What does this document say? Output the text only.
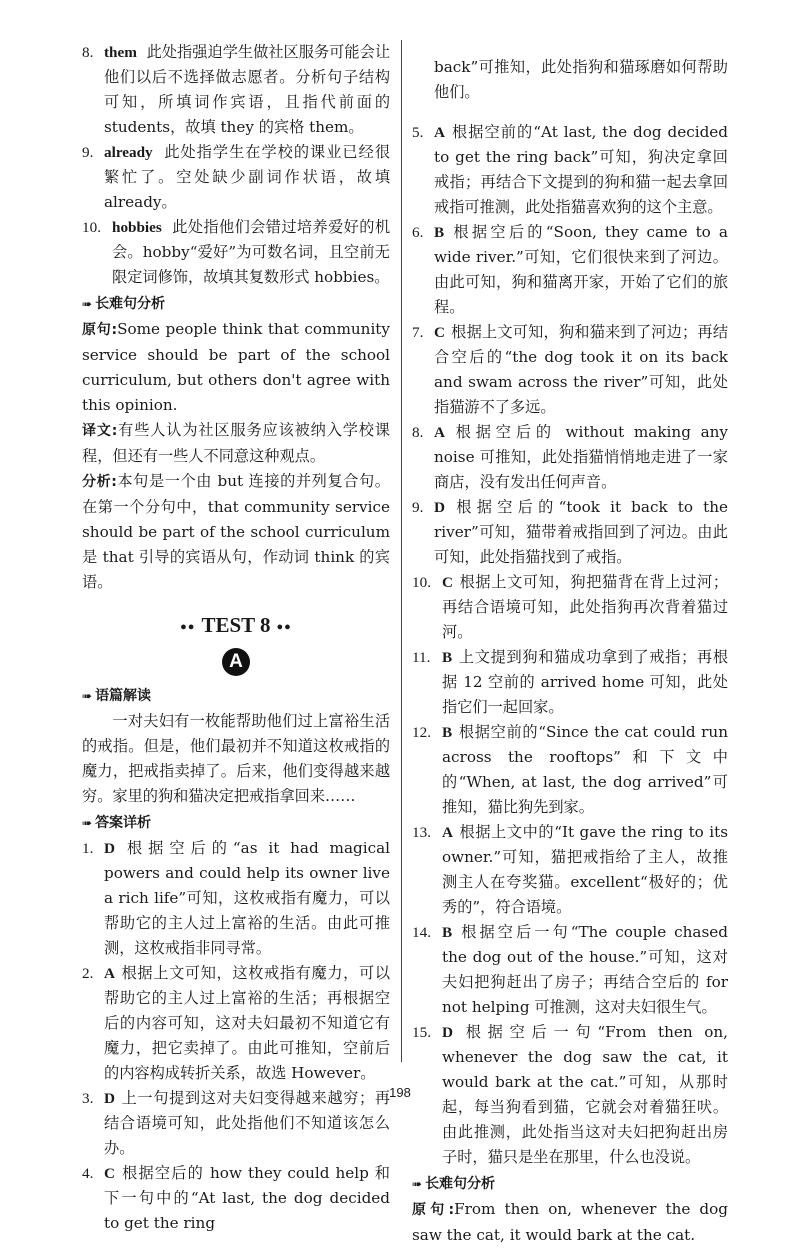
8. them 此处指强迫学生做社区服务可能会让他们以后不选择做志愿者。分析句子结构可知，所填词作宾语，且指代前面的 students，故填 they 的宾格 them。
9. already 此处指学生在学校的课业已经很繁忙了。空处缺少副词作状语，故填 already。
10. hobbies 此处指他们会错过培养爱好的机会。hobby“爱好”为可数名词，且空前无限定词修饰，故填其复数形式 hobbies。
➠ 长难句分析

原句:Some people think that community service should be part of the school curriculum, but others don't agree with this opinion.

译文:有些人认为社区服务应该被纳入学校课程，但还有一些人不同意这种观点。

分析:本句是一个由 but 连接的并列复合句。在第一个分句中，that community service should be part of the school curriculum 是 that 引导的宾语从句，作动词 think 的宾语。

●● TEST 8 ●●
A
➠ 语篇解读

一对夫妇有一枚能帮助他们过上富裕生活的戒指。但是，他们最初并不知道这枚戒指的魔力，把戒指卖掉了。后来，他们变得越来越穷。家里的狗和猫决定把戒指拿回来……

➠ 答案详析
1. D 根据空后的“as it had magical powers and could help its owner live a rich life”可知，这枚戒指有魔力，可以帮助它的主人过上富裕的生活。由此可推测，这枚戒指非同寻常。
2. A 根据上文可知，这枚戒指有魔力，可以帮助它的主人过上富裕的生活；再根据空后的内容可知，这对夫妇最初不知道它有魔力，把它卖掉了。由此可推知，空前后的内容构成转折关系，故选 However。
3. D 上一句提到这对夫妇变得越来越穷；再结合语境可知，此处指他们不知道该怎么办。
4. C 根据空后的 how they could help 和下一句中的“At last, the dog decided to get the ring

back”可推知，此处指狗和猫琢磨如何帮助他们。

5. A 根据空前的“At last, the dog decided to get the ring back”可知，狗决定拿回戒指；再结合下文提到的狗和猫一起去拿回戒指可推测，此处指猫喜欢狗的这个主意。
6. B 根据空后的“Soon, they came to a wide river.”可知，它们很快来到了河边。由此可知，狗和猫离开家，开始了它们的旅程。
7. C 根据上文可知，狗和猫来到了河边；再结合空后的“the dog took it on its back and swam across the river”可知，此处指猫游不了多远。
8. A 根据空后的 without making any noise 可推知，此处指猫悄悄地走进了一家商店，没有发出任何声音。
9. D 根据空后的“took it back to the river”可知，猫带着戒指回到了河边。由此可知，此处指猫找到了戒指。
10. C 根据上文可知，狗把猫背在背上过河；再结合语境可知，此处指狗再次背着猫过河。
11. B 上文提到狗和猫成功拿到了戒指；再根据 12 空前的 arrived home 可知，此处指它们一起回家。
12. B 根据空前的“Since the cat could run across the rooftops”和下文中的“When, at last, the dog arrived”可推知，猫比狗先到家。
13. A 根据上文中的“It gave the ring to its owner.”可知，猫把戒指给了主人，故推测主人在夸奖猫。excellent“极好的；优秀的”，符合语境。
14. B 根据空后一句“The couple chased the dog out of the house.”可知，这对夫妇把狗赶出了房子；再结合空后的 for not helping 可推测，这对夫妇很生气。
15. D 根据空后一句“From then on, whenever the dog saw the cat, it would bark at the cat.”可知，从那时起，每当狗看到猫，它就会对着猫狂吠。由此推测，此处指当这对夫妇把狗赶出房子时，猫只是坐在那里，什么也没说。
➠ 长难句分析

原句:From then on, whenever the dog saw the cat, it would bark at the cat.

198
